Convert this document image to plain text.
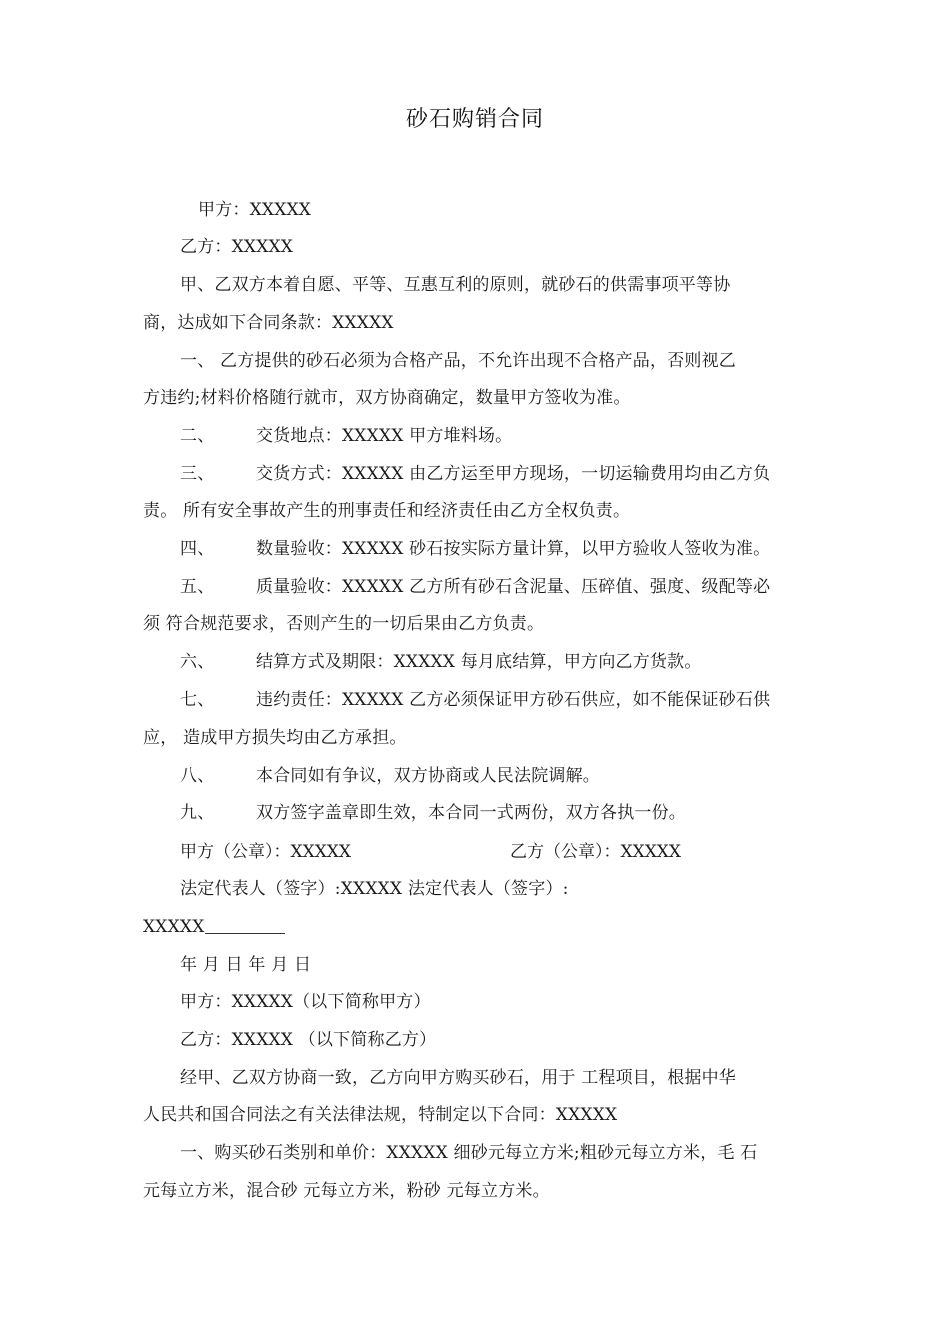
砂石购销合同
甲方：XXXXX
乙方：XXXXX
甲、乙双方本着自愿、平等、互惠互利的原则，就砂石的供需事项平等协
商，达成如下合同条款：XXXXX
一、 乙方提供的砂石必须为合格产品，不允许出现不合格产品，否则视乙
方违约;材料价格随行就市，双方协商确定，数量甲方签收为准。
二、 交货地点：XXXXX 甲方堆料场。
三、 交货方式：XXXXX 由乙方运至甲方现场，一切运输费用均由乙方负
责。 所有安全事故产生的刑事责任和经济责任由乙方全权负责。
四、 数量验收：XXXXX 砂石按实际方量计算，以甲方验收人签收为准。
五、 质量验收：XXXXX 乙方所有砂石含泥量、压碎值、强度、级配等必
须 符合规范要求，否则产生的一切后果由乙方负责。
六、 结算方式及期限：XXXXX 每月底结算，甲方向乙方货款。
七、 违约责任：XXXXX 乙方必须保证甲方砂石供应，如不能保证砂石供
应， 造成甲方损失均由乙方承担。
八、 本合同如有争议，双方协商或人民法院调解。
九、 双方签字盖章即生效，本合同一式两份，双方各执一份。
甲方（公章）：XXXXX	乙方（公章）：XXXXX
法定代表人（签字）:XXXXX 法定代表人（签字）:
XXXXX
年 月 日 年 月 日
甲方：XXXXX（以下简称甲方）
乙方：XXXXX （以下简称乙方）
经甲、乙双方协商一致，乙方向甲方购买砂石，用于 工程项目，根据中华
人民共和国合同法之有关法律法规，特制定以下合同：XXXXX
一、购买砂石类别和单价：XXXXX 细砂元每立方米;粗砂元每立方米，毛 石
元每立方米，混合砂 元每立方米，粉砂 元每立方米。
